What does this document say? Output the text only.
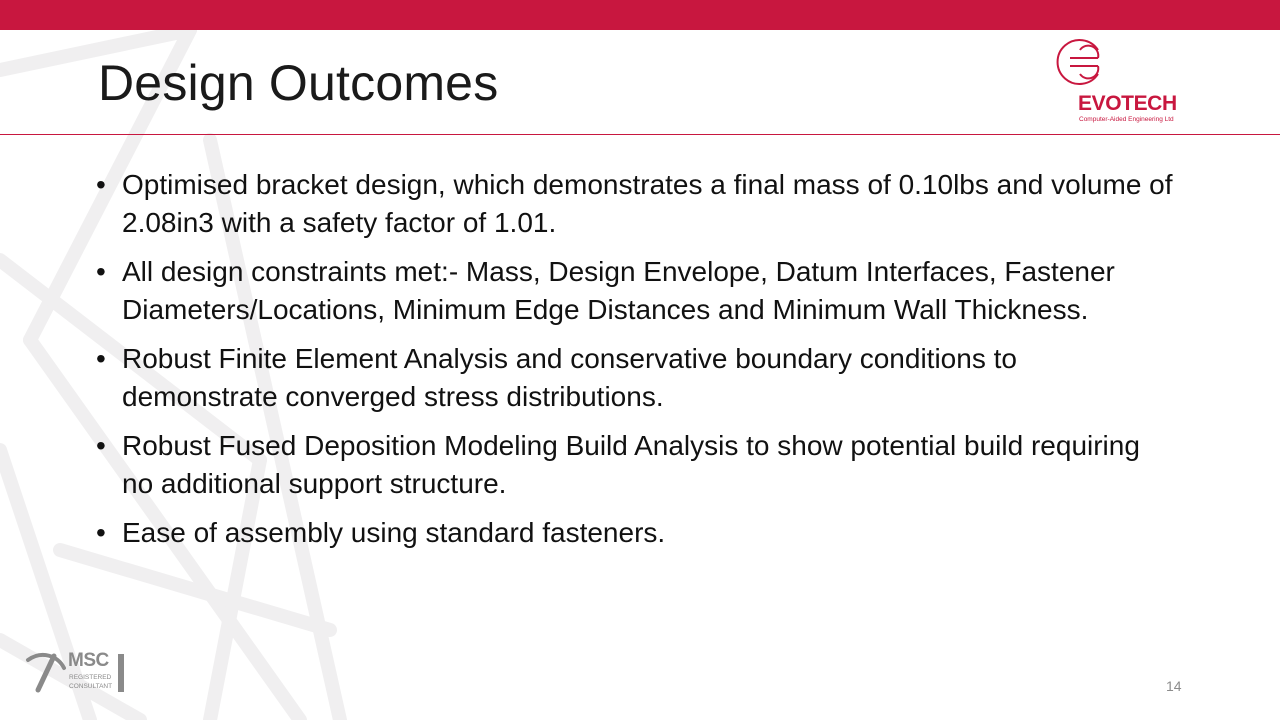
Design Outcomes	EVOTECH
Computer-Aided Engineering Ltd
• Optimised bracket design, which demonstrates a final mass of 0.10lbs and volume of 2.08in3 with a safety factor of 1.01.
• All design constraints met:- Mass, Design Envelope, Datum Interfaces, Fastener Diameters/Locations, Minimum Edge Distances and Minimum Wall Thickness.
• Robust Finite Element Analysis and conservative boundary conditions to demonstrate converged stress distributions.
• Robust Fused Deposition Modeling Build Analysis to show potential build requiring no additional support structure.
• Ease of assembly using standard fasteners.
MSC
REGISTERED
CONSULTANT	14
